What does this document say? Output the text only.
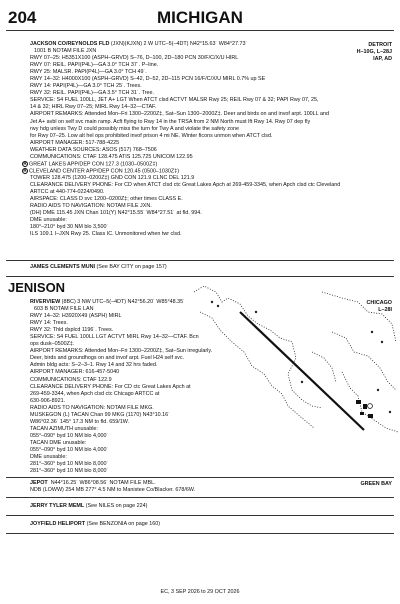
204	MICHIGAN
JACKSON CO/REYNOLDS FLD (JXN)(KJXN) 2 W UTC–5(–4DT) N42°15.63´ W84°27.73´
1001 B NOTAM FILE JXN
RWY 07–25: H5351X100 (ASPH–GRVD) S–76, D–100, 2D–180 PCN 30/F/C/X/U HIRL
RWY 07: REIL. PAPI(P4L)—GA 3.0° TCH 37´. P–line.
RWY 25: MALSR. PAPI(P4L)—GA 3.0° TCH 49´.
RWY 14–32: H4000X100 (ASPH–GRVD) S–42, D–52, 2D–115 PCN 16/F/C/X/U MIRL 0.7% up SE
RWY 14: PAPI(P4L)—GA 3.0° TCH 25´. Trees.
RWY 32: REIL. PAPI(P4L)—GA 3.5° TCH 31´. Tree.
SERVICE: S4 FUEL 100LL, JET A+ LGT When ATCT clsd ACTVT MALSR Rwy 25; REIL Rwy 07 & 32; PAPI Rwy 07, 25,
14 & 32; HIRL Rwy 07–25; MIRL Rwy 14–32—CTAF.
AIRPORT REMARKS: Attended Mon–Fri 1300–2200Z‡, Sat–Sun 1300–2000Z‡. Deer and birds on and invof arpt. 100LL and
Jet A+ avbl on self svc main ramp. Acft flying to Rwy 14 in the TRSA from 2 NM North must lft Rwy 14. Rwy 07 dep fly
rwy hdg unless Twy D could possibly miss the turn for Twy A and violate the safety zone
for Rwy 07–25. Low alt hel ops prohibited invof prison 4 mi NE. Winter ficons unmon when ATCT clsd.
AIRPORT MANAGER: 517-788-4225
WEATHER DATA SOURCES: ASOS (517) 768–7506
COMMUNICATIONS: CTAF 128.475 ATIS 125.725 UNICOM 122.95
R GREAT LAKES APP/DEP CON 127.3 (1030–0500Z‡)
R CLEVELAND CENTER APP/DEP CON 120.45 (0500–1030Z‡)
TOWER 128.475 (1200–0200Z‡) GND CON 121.9 CLNC DEL 121.9
CLEARANCE DELIVERY PHONE: For CD when ATCT clsd ctc Great Lakes Apch at 269-459-3345, when Apch clsd ctc Cleveland
ARTCC at 440-774-0224/0490.
AIRSPACE: CLASS D svc 1200–0200Z‡; other times CLASS E.
RADIO AIDS TO NAVIGATION: NOTAM FILE JXN.
(DH) DME 115.45 JXN Chan 101(Y) N42°15.55´ W84°27.51´ at fld. 994.
DME unusable:
180°–210° byd 30 NM blo 3,500´
ILS 109.1 I–JXN Rwy 25. Class IC. Unmonitored when twr clsd.
DETROIT
H–10G, L–28J
IAP, AD
JAMES CLEMENTS MUNI (See BAY CITY on page 157)
JENISON
RIVERVIEW (8BC) 3 NW UTC–5(–4DT) N42°56.20´ W85°48.35´
603 B NOTAM FILE LAN
RWY 14–32: H3920X49 (ASPH) MIRL
RWY 14: Trees.
RWY 32: Thld dsplcd 1196´. Trees.
SERVICE: S4 FUEL 100LL LGT ACTVT MIRL Rwy 14–32—CTAF. Bcn
ops dusk–0500Z‡.
AIRPORT REMARKS: Attended Mon–Fri 1300–2200Z‡, Sat–Sun irregularly.
Deer, birds and groundhogs on and invof arpt. Fuel H24 self svc.
Admin bldg acts: S–2–3–1. Rwy 14 and 32 hrs faded.
AIRPORT MANAGER: 616-457-5040
COMMUNICATIONS: CTAF 122.9
CLEARANCE DELIVERY PHONE: For CD ctc Great Lakes Apch at
269-459-3344, when Apch clsd ctc Chicago ARTCC at
630-906-8921.
RADIO AIDS TO NAVIGATION: NOTAM FILE MKG.
MUSKEGON (L) TACAN Chan 99 MKG (1170) N43°10.16´
W86°02.36´ 145° 17.3 NM to fld. 659/1W.
TACAN AZIMUTH unusable:
055°–090° byd 10 NM blo 4,000´
TACAN DME unusable:
055°–090° byd 10 NM blo 4,000´
DME unusable:
281°–360° byd 10 NM blo 8,000´
281°–360° byd 10 NM blo 8,000´
CHICAGO
L–28I
JEPOT N44°16.25´ W86°08.56´ NOTAM FILE MBL.
NDB (LOWW) 254 MB 277° 4.5 NM to Manistee Co/Blacker. 678/6W.
GREEN BAY
JERRY TYLER MEML (See NILES on page 224)
JOYFIELD HELIPORT (See BENZONIA on page 160)
EC, 3 SEP 2026 to 29 OCT 2026
